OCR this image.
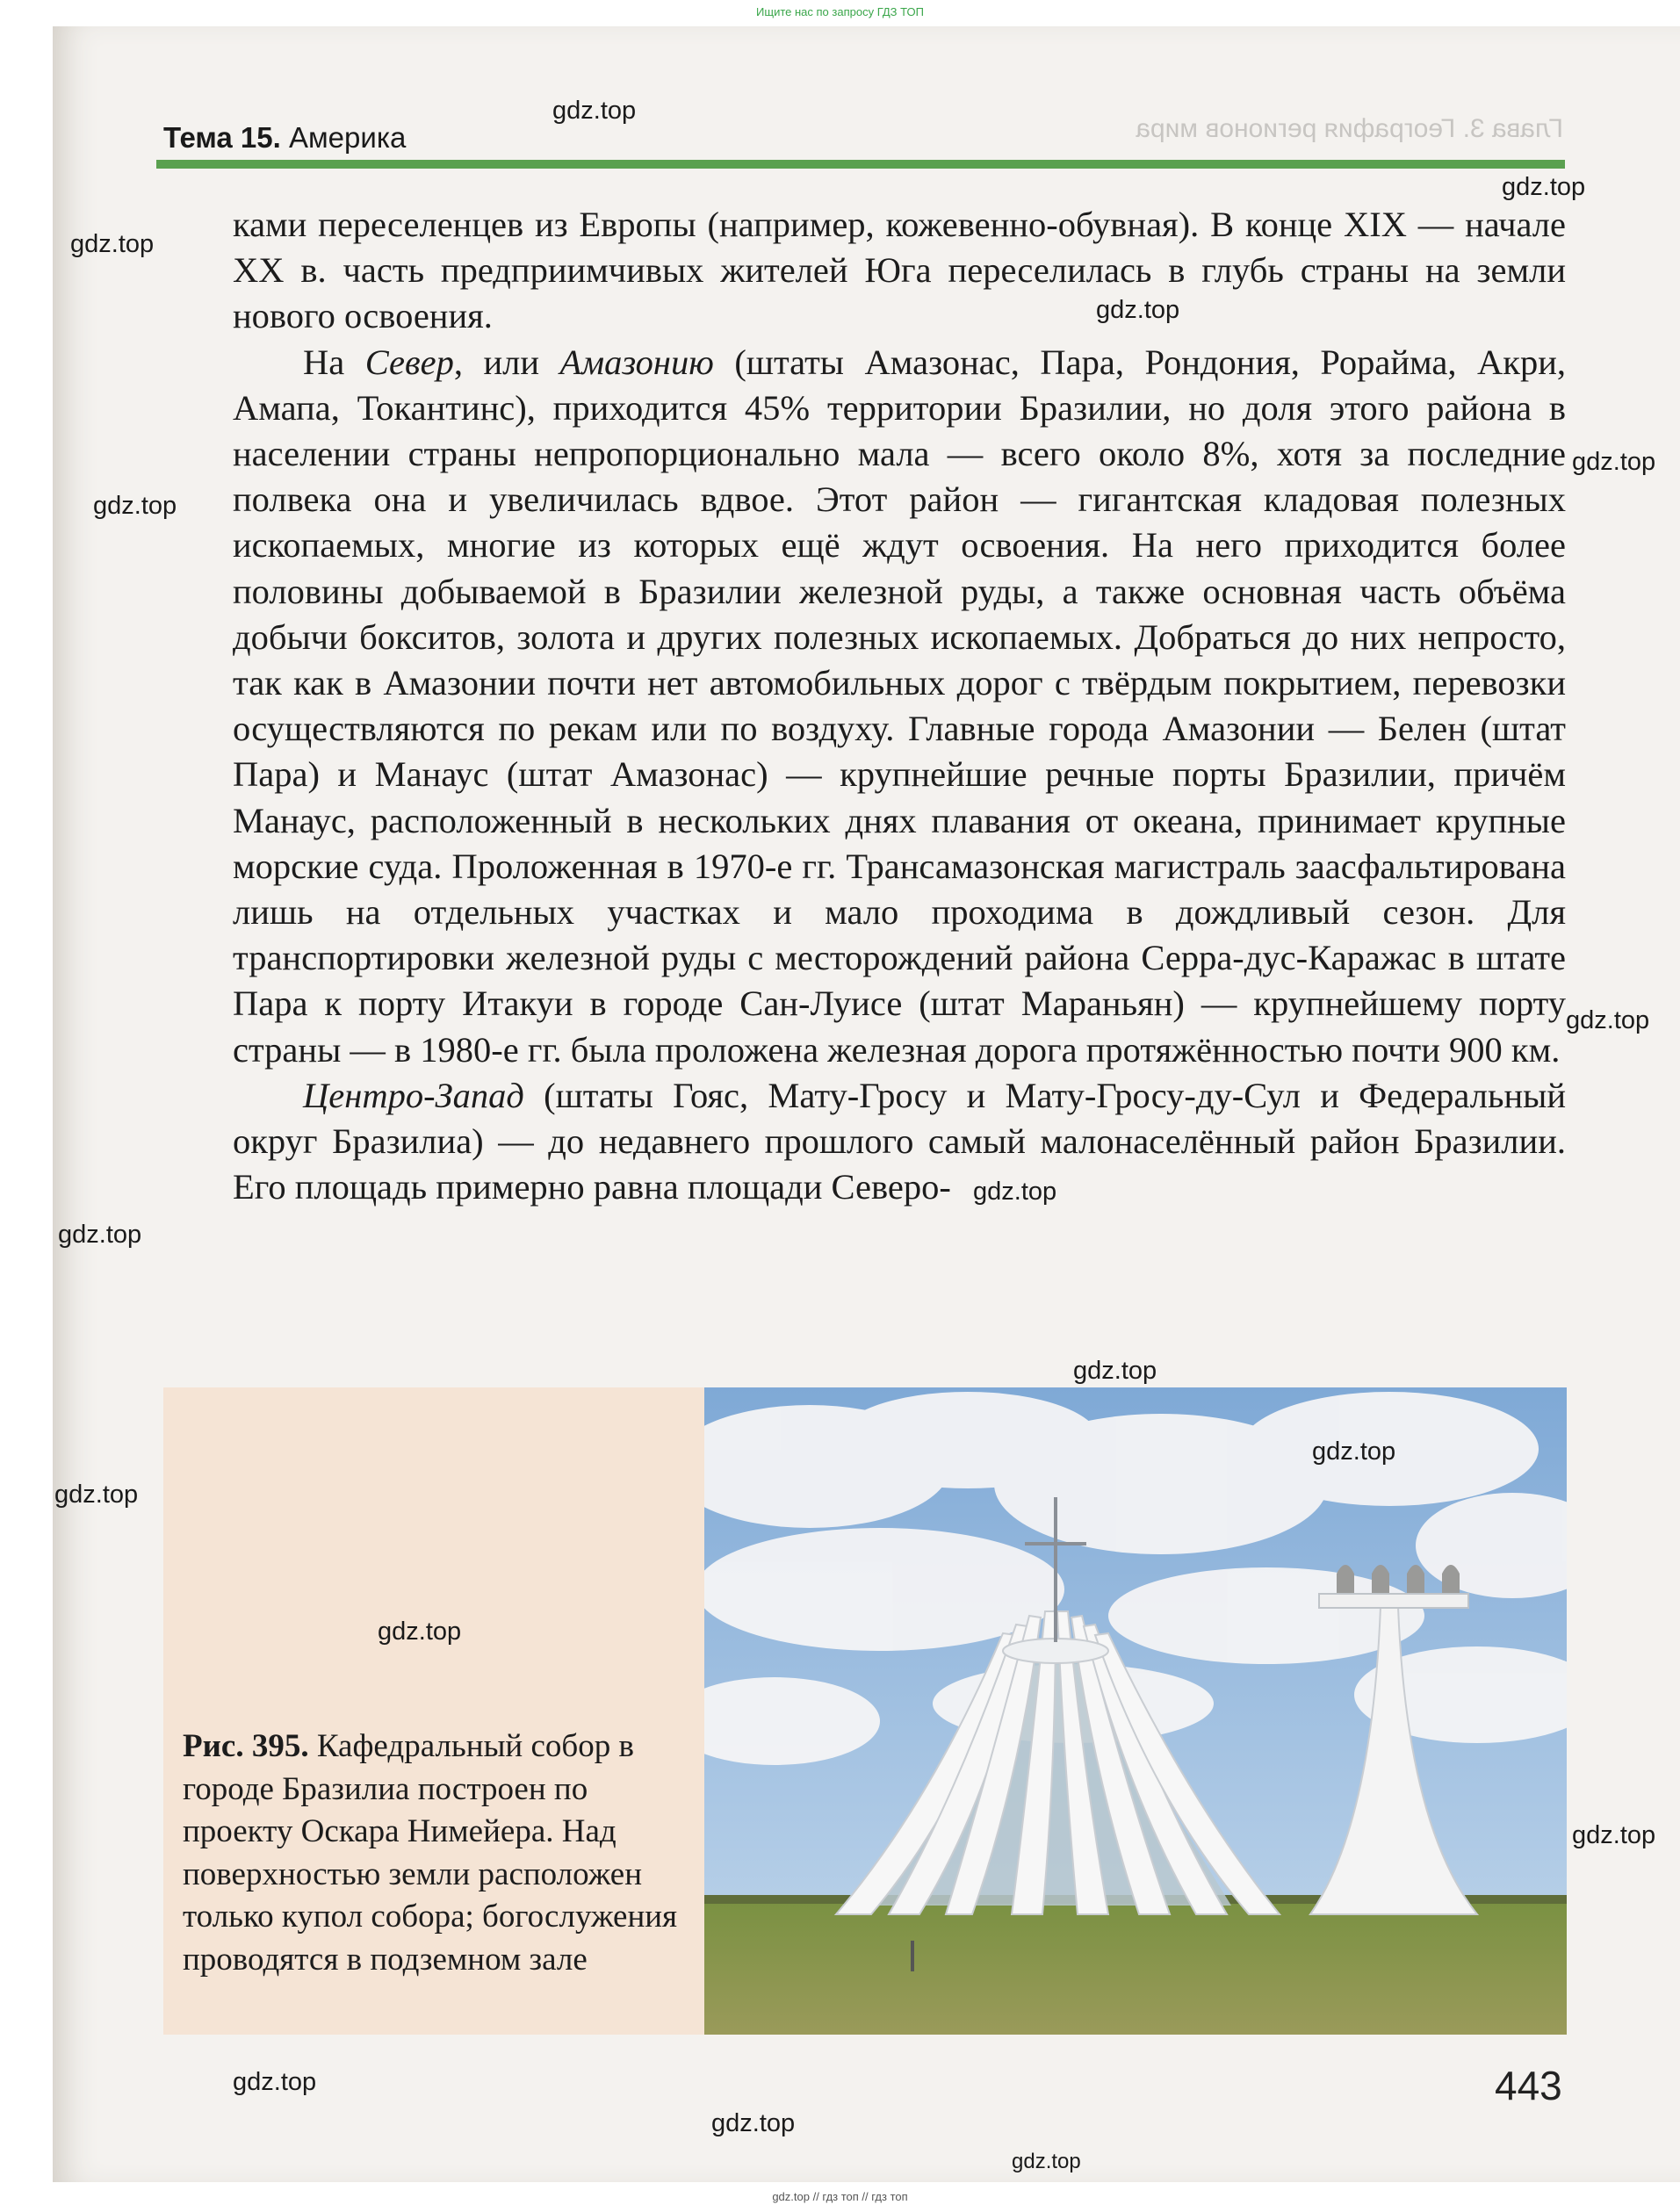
Ищите нас по запросу ГДЗ ТОП
Глава 3. География регионов мира
Тема 15. Америка

ками переселенцев из Европы (например, кожевенно-обувная). В конце XIX — начале XX в. часть предприимчивых жителей Юга переселилась в глубь страны на земли нового освоения.

На Север, или Амазонию (штаты Амазонас, Пара, Рондония, Рорайма, Акри, Амапа, Токантинс), приходится 45% территории Бразилии, но доля этого района в населении страны непропорционально мала — всего около 8%, хотя за последние полвека она и увеличилась вдвое. Этот район — гигантская кладовая полезных ископаемых, многие из которых ещё ждут освоения. На него приходится более половины добываемой в Бразилии железной руды, а также основная часть объёма добычи бокситов, золота и других полезных ископаемых. Добраться до них непросто, так как в Амазонии почти нет автомобильных дорог с твёрдым покрытием, перевозки осуществляются по рекам или по воздуху. Главные города Амазонии — Белен (штат Пара) и Манаус (штат Амазонас) — крупнейшие речные порты Бразилии, причём Манаус, расположенный в нескольких днях плавания от океана, принимает крупные морские суда. Проложенная в 1970-е гг. Трансамазонская магистраль заасфальтирована лишь на отдельных участках и мало проходима в дождливый сезон. Для транспортировки железной руды с месторождений района Серра-дус-Каражас в штате Пара к порту Итакуи в городе Сан-Луисе (штат Мараньян) — крупнейшему порту страны — в 1980-е гг. была проложена железная дорога протяжённостью почти 900 км.

Центро-Запад (штаты Гояс, Мату-Гросу и Мату-Гросу-ду-Сул и Федеральный округ Бразилиа) — до недавнего прошлого самый малонаселённый район Бразилии. Его площадь примерно равна площади Северо-

Рис. 395. Кафедральный собор в городе Бразилиа построен по проекту Оскара Нимейера. Над поверхностью земли расположен только купол собора; богослужения проводятся в подземном зале
443
gdz.top // гдз топ // гдз топ
gdz.top
gdz.top
gdz.top
gdz.top
gdz.top
gdz.top
gdz.top
gdz.top
gdz.top
gdz.top
gdz.top
gdz.top
gdz.top
gdz.top
gdz.top
gdz.top
gdz.top
